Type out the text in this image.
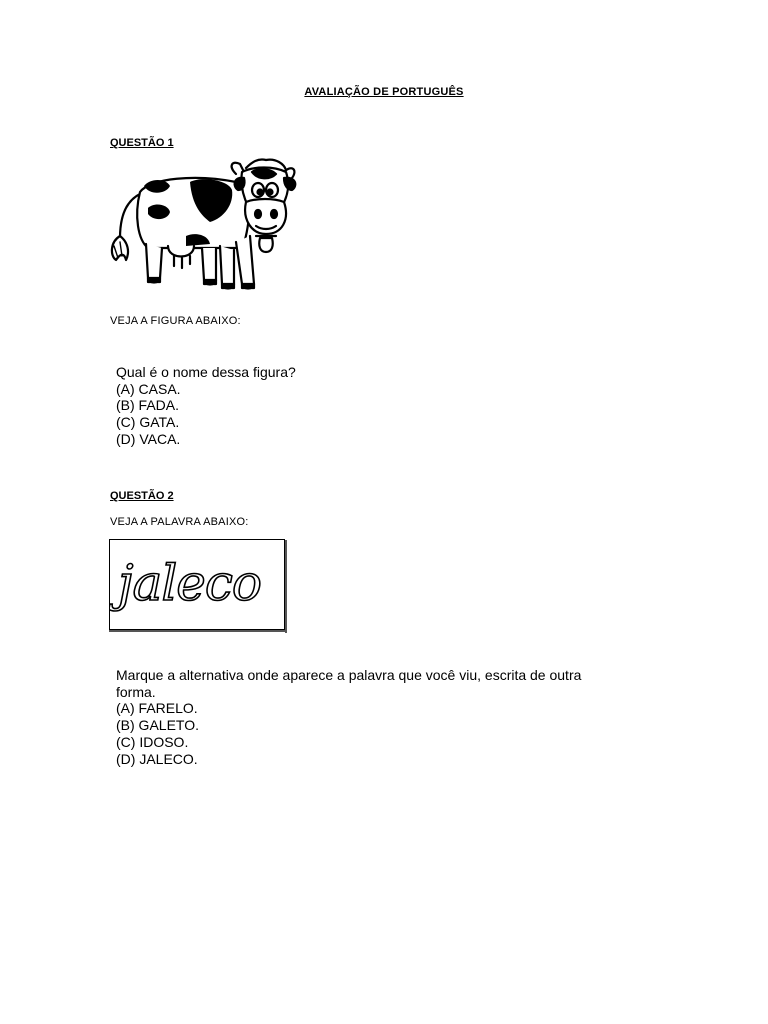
AVALIAÇÃO DE PORTUGUÊS
QUESTÃO 1
VEJA A FIGURA ABAIXO:
Qual é o nome dessa figura?
(A) CASA.
(B) FADA.
(C) GATA.
(D) VACA.
QUESTÃO 2
VEJA A PALAVRA ABAIXO:
jaleco
Marque a alternativa onde aparece a palavra que você viu, escrita de outra
forma.
(A) FARELO.
(B) GALETO.
(C) IDOSO.
(D) JALECO.
